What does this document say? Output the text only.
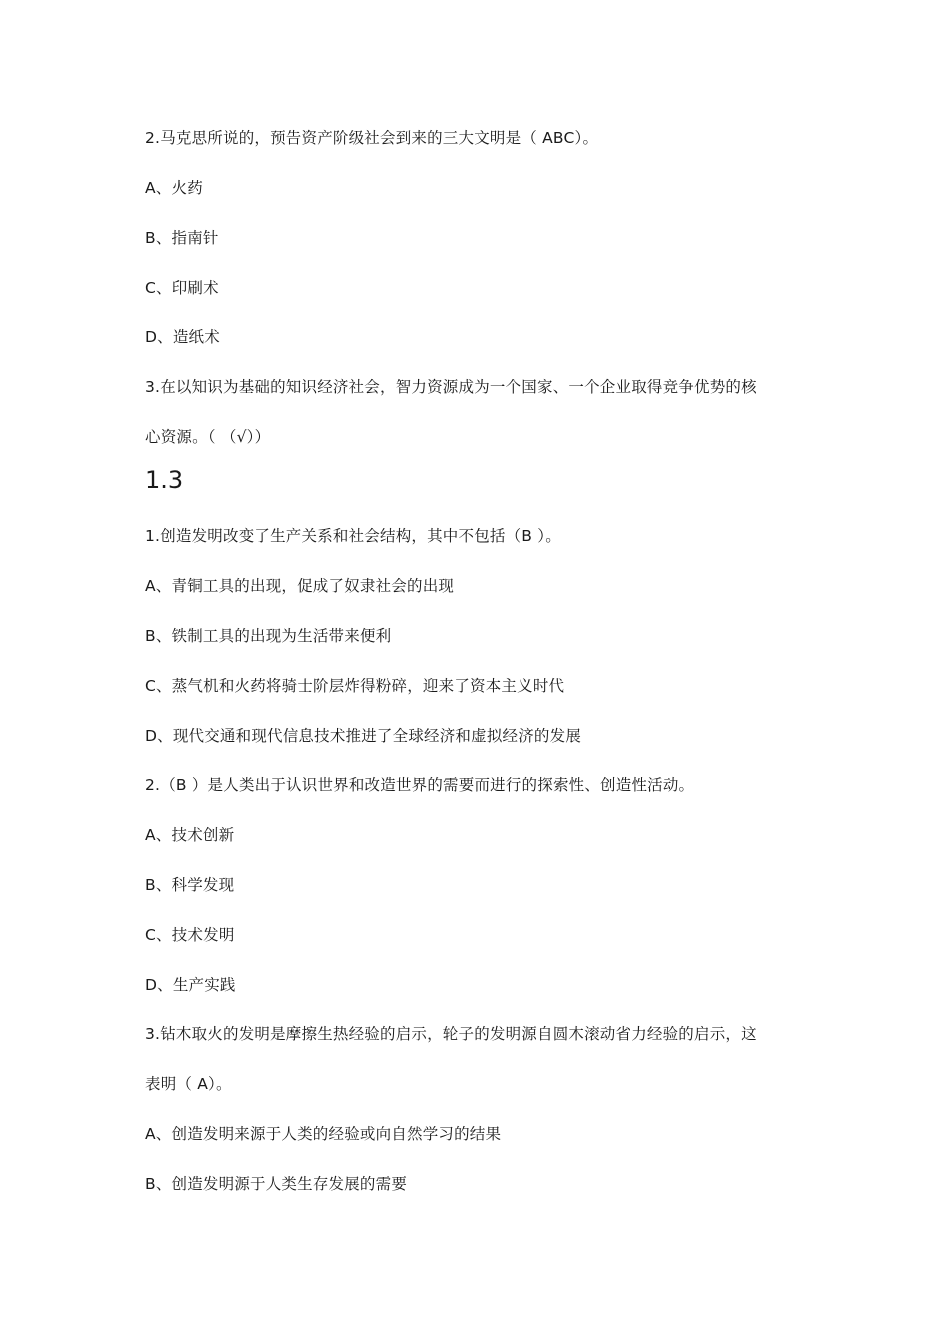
2.马克思所说的，预告资产阶级社会到来的三大文明是（ ABC）。
A、火药
B、指南针
C、印刷术
D、造纸术
3.在以知识为基础的知识经济社会，智力资源成为一个国家、一个企业取得竞争优势的核
心资源。（ （√））
1.3
1.创造发明改变了生产关系和社会结构，其中不包括（B ）。
A、青铜工具的出现，促成了奴隶社会的出现
B、铁制工具的出现为生活带来便利
C、蒸气机和火药将骑士阶层炸得粉碎，迎来了资本主义时代
D、现代交通和现代信息技术推进了全球经济和虚拟经济的发展
2.（B ）是人类出于认识世界和改造世界的需要而进行的探索性、创造性活动。
A、技术创新
B、科学发现
C、技术发明
D、生产实践
3.钻木取火的发明是摩擦生热经验的启示，轮子的发明源自圆木滚动省力经验的启示，这
表明（ A）。
A、创造发明来源于人类的经验或向自然学习的结果
B、创造发明源于人类生存发展的需要
